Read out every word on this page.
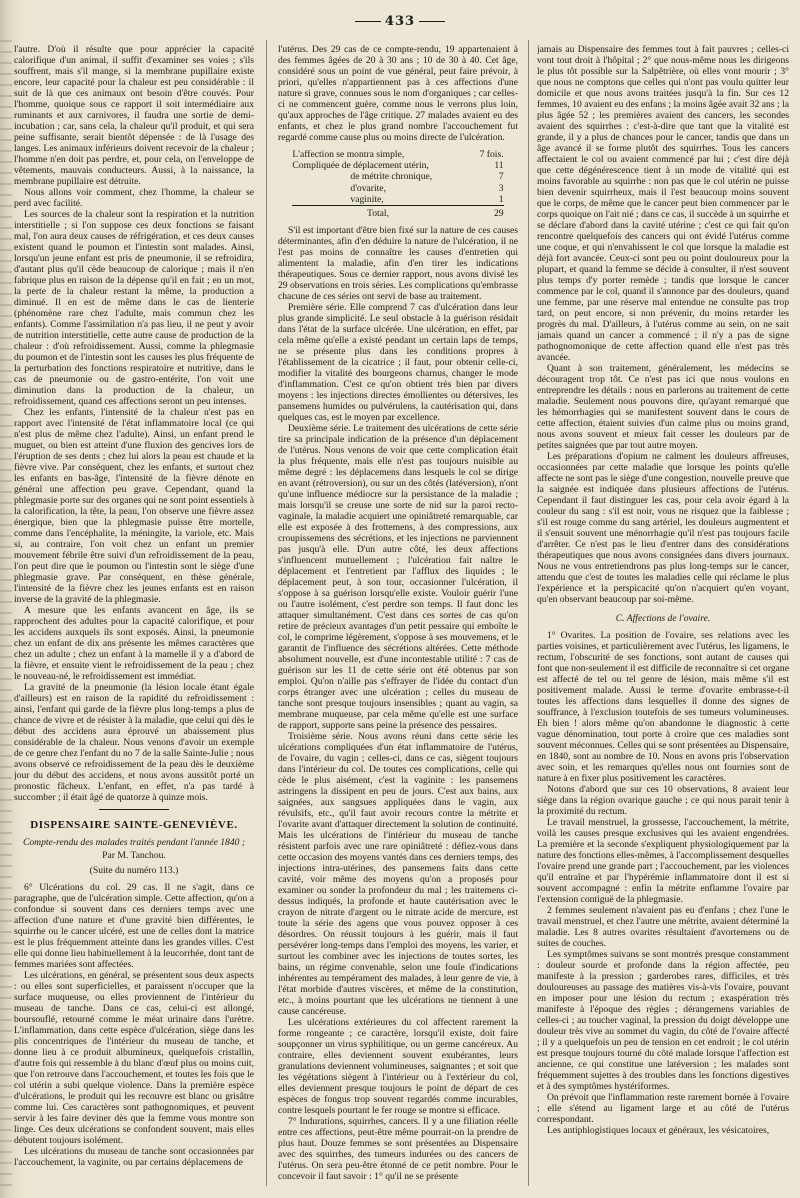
433

l'autre. D'où il résulte que pour apprécier la capacité calorifique d'un animal, il suffit d'examiner ses voies ; s'ils souffrent, mais s'il mange, si la membrane pupillaire existe encore, leur capacité pour la chaleur est peu considérable : il suit de là que ces animaux ont besoin d'être couvés. Pour l'homme, quoique sous ce rapport il soit intermédiaire aux ruminants et aux carnivores, il faudra une sortie de demi-incubation ; car, sans cela, la chaleur qu'il produit, et qui sera peine suffisante, serait bientôt dépensée : de là l'usage des langes. Les animaux inférieurs doivent recevoir de la chaleur ; l'homme n'en doit pas perdre, et, pour cela, on l'enveloppe de vêtements, mauvais conducteurs. Aussi, à la naissance, la membrane pupillaire est détruite.

Nous allons voir comment, chez l'homme, la chaleur se perd avec facilité.

Les sources de la chaleur sont la respiration et la nutrition interstitielle ; si l'on suppose ces deux fonctions se faisant mal, l'on aura deux causes de réfrigération, et ces deux causes existent quand le poumon et l'intestin sont malades. Ainsi, lorsqu'un jeune enfant est pris de pneumonie, il se refroidira, d'autant plus qu'il cède beaucoup de calorique ; mais il n'en fabrique plus en raison de la dépense qu'il en fait ; en un mot, la perte de la chaleur restant la même, la production a diminué. Il en est de même dans le cas de lienterie (phénomène rare chez l'adulte, mais commun chez les enfants). Comme l'assimilation n'a pas lieu, il ne peut y avoir de nutrition interstitielle, cette autre cause de production de la chaleur : d'où refroidissement. Aussi, comme la phlegmasie du poumon et de l'intestin sont les causes les plus fréquente de la perturbation des fonctions respiratoire et nutritive, dans le cas de pneumonie ou de gastro-entérite, l'on voit une diminution dans la production de la chaleur, un refroidissement, quand ces affections seront un peu intenses.

Chez les enfants, l'intensité de la chaleur n'est pas en rapport avec l'intensité de l'état inflammatoire local (ce qui n'est plus de même chez l'adulte). Ainsi, un enfant prend le muguet, ou bien est atteint d'une fluxion des gencives lors de l'éruption de ses dents ; chez lui alors la peau est chaude et la fièvre vive. Par conséquent, chez les enfants, et surtout chez les enfants en bas-âge, l'intensité de la fièvre dénote en général une affection peu grave. Cependant, quand la phlegmasie porte sur des organes qui ne sont point essentiels à la calorification, la tête, la peau, l'on observe une fièvre assez énergique, bien que la phlegmasie puisse être mortelle, comme dans l'encéphalite, la méningite, la variole, etc. Mais si, au contraire, l'on voit chez un enfant un premier mouvement fébrile être suivi d'un refroidissement de la peau, l'on peut dire que le poumon ou l'intestin sont le siège d'une phlegmasie grave. Par conséquent, en thèse générale, l'intensité de la fièvre chez les jeunes enfants est en raison inverse de la gravité de la phlegmasie.

A mesure que les enfants avancent en âge, ils se rapprochent des adultes pour la capacité calorifique, et pour les accidens auxquels ils sont exposés. Ainsi, la pneumonie chez un enfant de dix ans présente les mêmes caractères que chez un adulte ; chez un enfant à la mamelle il y a d'abord de la fièvre, et ensuite vient le refroidissement de la peau ; chez le nouveau-né, le refroidissement est immédiat.

La gravité de la pneumonie (la lésion locale étant égale d'ailleurs) est en raison de la rapidité du refroidissement : ainsi, l'enfant qui garde de la fièvre plus long-temps a plus de chance de vivre et de résister à la maladie, que celui qui dès le début des accidens aura éprouvé un abaissement plus considérable de la chaleur. Nous venons d'avoir un exemple de ce genre chez l'enfant du no 7 de la salle Sainte-Julie ; nous avons observé ce refroidissement de la peau dès le deuxième jour du début des accidens, et nous avons aussitôt porté un pronostic fâcheux. L'enfant, en effet, n'a pas tardé à succomber ; il était âgé de quatorze à quinze mois.

DISPENSAIRE SAINTE-GENEVIÈVE.
Compte-rendu des malades traités pendant l'année 1840 ;
Par M. Tanchou.
(Suite du numéro 113.)

6° Ulcérations du col. 29 cas. Il ne s'agit, dans ce paragraphe, que de l'ulcération simple. Cette affection, qu'on a confondue si souvent dans ces derniers temps avec une affection d'une nature et d'une gravité bien différentes, le squirrhe ou le cancer ulcéré, est une de celles dont la matrice est le plus fréquemment atteinte dans les grandes villes. C'est elle qui donne lieu habituellement à la leucorrhée, dont tant de femmes mariées sont affectées.

Les ulcérations, en général, se présentent sous deux aspects : ou elles sont superficielles, et paraissent n'occuper que la surface muqueuse, ou elles proviennent de l'intérieur du museau de tanche. Dans ce cas, celui-ci est allongé, boursouflé, retourné comme le méat urinaire dans l'urètre. L'inflammation, dans cette espèce d'ulcération, siège dans les plis concentriques de l'intérieur du museau de tanche, et donne lieu à ce produit albumineux, quelquefois cristallin, d'autre fois qui ressemble à du blanc d'œuf plus ou moins cuit, que l'on retrouve dans l'accouchement, et toutes les fois que le col utérin a subi quelque violence. Dans la première espèce d'ulcérations, le produit qui les recouvre est blanc ou grisâtre comme lui. Ces caractères sont pathognomiques, et peuvent servir à les faire deviner dès que la femme vous montre son linge. Ces deux ulcérations se confondent souvent, mais elles débutent toujours isolément.

Les ulcérations du museau de tanche sont occasionnées par l'accouchement, la vaginite, ou par certains déplacemens de

l'utérus. Des 29 cas de ce compte-rendu, 19 appartenaient à des femmes âgées de 20 à 30 ans ; 10 de 30 à 40. Cet âge, considéré sous un point de vue général, peut faire prévoir, à priori, qu'elles n'appartiennent pas à ces affections d'une nature si grave, connues sous le nom d'organiques ; car celles-ci ne commencent guère, comme nous le verrons plus loin, qu'aux approches de l'âge critique. 27 malades avaient eu des enfants, et chez le plus grand nombre l'accouchement fut regardé comme cause plus ou moins directe de l'ulcération.

L'affection se montra simple,	7 fois.
Compliquée de déplacement utérin,	11
de métrite chronique,	7
d'ovarite,	3
vaginite,	1
Total,	29

S'il est important d'être bien fixé sur la nature de ces causes déterminantes, afin d'en déduire la nature de l'ulcération, il ne l'est pas moins de connaître les causes d'entretien qui alimentent la maladie, afin d'en tirer les indications thérapeutiques. Sous ce dernier rapport, nous avons divisé les 29 observations en trois séries. Les complications qu'embrasse chacune de ces séries ont servi de base au traitement.

Première série. Elle comprend 7 cas d'ulcération dans leur plus grande simplicité. Le seul obstacle à la guérison résidait dans l'état de la surface ulcérée. Une ulcération, en effet, par cela même qu'elle a existé pendant un certain laps de temps, ne se présente plus dans les conditions propres à l'établissement de la cicatrice ; il faut, pour obtenir celle-ci, modifier la vitalité des bourgeons charnus, changer le mode d'inflammation. C'est ce qu'on obtient très bien par divers moyens : les injections directes émollientes ou détersives, les pansemens humides ou pulvérulens, la cautérisation qui, dans quelques cas, est le moyen par excellence.

Deuxième série. Le traitement des ulcérations de cette série tire sa principale indication de la présence d'un déplacement de l'utérus. Nous venons de voir que cette complication était la plus fréquente, mais elle n'est pas toujours nuisible au même degré : les déplacemens dans lesquels le col se dirige en avant (rétroversion), ou sur un des côtés (latéversion), n'ont qu'une influence médiocre sur la persistance de la maladie ; mais lorsqu'il se creuse une sorte de nid sur la paroi recto-vaginale, la maladie acquiert une opiniâtreté remarquable, car elle est exposée à des frottemens, à des compressions, aux croupissemens des sécrétions, et les injections ne parviennent pas jusqu'à elle. D'un autre côté, les deux affections s'influencent mutuellement ; l'ulcération fait naître le déplacement et l'entretient par l'afflux des liquides ; le déplacement peut, à son tour, occasionner l'ulcération, il s'oppose à sa guérison lorsqu'elle existe. Vouloir guérir l'une ou l'autre isolément, c'est perdre son temps. Il faut donc les attaquer simultanément. C'est dans ces sortes de cas qu'on retire de précieux avantages d'un petit pessaire qui emboîte le col, le comprime légèrement, s'oppose à ses mouvemens, et le garantit de l'influence des sécrétions altérées. Cette méthode absolument nouvelle, est d'une incontestable utilité : 7 cas de guérison sur les 11 de cette série ont été obtenus par son emploi. Qu'on n'aille pas s'effrayer de l'idée du contact d'un corps étranger avec une ulcération ; celles du museau de tanche sont presque toujours insensibles ; quant au vagin, sa membrane muqueuse, par cela même qu'elle est une surface de rapport, supporte sans peine la présence des pessaires.

Troisième série. Nous avons réuni dans cette série les ulcérations compliquées d'un état inflammatoire de l'utérus, de l'ovaire, du vagin ; celles-ci, dans ce cas, siègent toujours dans l'intérieur du col. De toutes ces complications, celle qui cède le plus aisément, c'est la vaginite : les pansemens astringens la dissipent en peu de jours. C'est aux bains, aux saignées, aux sangsues appliquées dans le vagin, aux révulsifs, etc., qu'il faut avoir recours contre la métrite et l'ovarite avant d'attaquer directement la solution de continuité. Mais les ulcérations de l'intérieur du museau de tanche résistent parfois avec une rare opiniâtreté : défiez-vous dans cette occasion des moyens vantés dans ces derniers temps, des injections intra-utérines, des pansemens faits dans cette cavité, voir même des moyens qu'on a proposés pour examiner ou sonder la profondeur du mal ; les traitemens ci-dessus indiqués, la profonde et haute cautérisation avec le crayon de nitrate d'argent ou le nitrate acide de mercure, est toute la série des agens que vous pouvez opposer à ces désordres. On réussit toujours à les guérir, mais il faut persévérer long-temps dans l'emploi des moyens, les varier, et surtout les combiner avec les injections de toutes sortes, les bains, un régime convenable, selon une foule d'indications inhérentes au tempérament des malades, à leur genre de vie, à l'état morbide d'autres viscères, et même de la constitution, etc., à moins pourtant que les ulcérations ne tiennent à une cause cancéreuse.

Les ulcérations extérieures du col affectent rarement la forme rongeante ; ce caractère, lorsqu'il existe, doit faire soupçonner un virus syphilitique, ou un germe cancéreux. Au contraire, elles deviennent souvent exubérantes, leurs granulations deviennent volumineuses, saignantes ; et soit que les végétations siègent à l'intérieur ou à l'extérieur du col, elles deviennent presque toujours le point de départ de ces espèces de fongus trop souvent regardés comme incurables, contre lesquels pourtant le fer rouge se montre si efficace.

7° Indurations, squirrhes, cancers. Il y a une filiation réelle entre ces affections, peut-être même pourrait-on la prendre de plus haut. Douze femmes se sont présentées au Dispensaire avec des squirrhes, des tumeurs indurées ou des cancers de l'utérus. On sera peu-être étonné de ce petit nombre. Pour le concevoir il faut savoir : 1° qu'il ne se présente

jamais au Dispensaire des femmes tout à fait pauvres ; celles-ci vont tout droit à l'hôpital ; 2° que nous-même nous les dirigeons le plus tôt possible sur la Salpêtrière, où elles vont mourir ; 3° que nous ne comptons que celles qui n'ont pas voulu quitter leur domicile et que nous avons traitées jusqu'à la fin. Sur ces 12 femmes, 10 avaient eu des enfans ; la moins âgée avait 32 ans ; la plus âgée 52 ; les premières avaient des cancers, les secondes avaient des squirrhes : c'est-à-dire que tant que la vitalité est grande, il y a plus de chances pour le cancer, tandis que dans un âge avancé il se forme plutôt des squirrhes. Tous les cancers affectaient le col ou avaient commencé par lui ; c'est dire déjà que cette dégénérescence tient à un mode de vitalité qui est moins favorable au squirrhe : non pas que le col utérin ne puisse bien devenir squirrheux, mais il l'est beaucoup moins souvent que le corps, de même que le cancer peut bien commencer par le corps quoique on l'ait nié ; dans ce cas, il succède à un squirrhe et se déclare d'abord dans la cavité utérine ; c'est ce qui fait qu'on rencontre quelquefois des cancers qui ont évidé l'utérus comme une coque, et qui n'envahissent le col que lorsque la maladie est déjà fort avancée. Ceux-ci sont peu ou point douloureux pour la plupart, et quand la femme se décide à consulter, il n'est souvent plus temps d'y porter remède ; tandis que lorsque le cancer commence par le col, quand il s'annonce par des douleurs, quand une femme, par une réserve mal entendue ne consulte pas trop tard, on peut encore, si non prévenir, du moins retarder les progrès du mal. D'ailleurs, à l'utérus comme au sein, on ne sait jamais quand un cancer a commencé ; il n'y a pas de signe pathognomonique de cette affection quand elle n'est pas très avancée.

Quant à son traitement, généralement, les médecins se découragent trop tôt. Ce n'est pas ici que nous voulons en entreprendre les détails : nous en parlerons au traitement de cette maladie. Seulement nous pouvons dire, qu'ayant remarqué que les hémorrhagies qui se manifestent souvent dans le cours de cette affection, étaient suivies d'un calme plus ou moins grand, nous avons souvent et mieux fait cesser les douleurs par de petites saignées que par tout autre moyen.

Les préparations d'opium ne calment les douleurs affreuses, occasionnées par cette maladie que lorsque les points qu'elle affecte ne sont pas le siège d'une congestion, nouvelle preuve que la saignée est indiquée dans plusieurs affections de l'utérus. Cependant il faut distinguer les cas, pour cela avoir égard à la couleur du sang : s'il est noir, vous ne risquez que la faiblesse ; s'il est rouge comme du sang artériel, les douleurs augmentent et il s'ensuit souvent une ménorrhagie qu'il n'est pas toujours facile d'arrêter. Ce n'est pas le lieu d'entrer dans des considérations thérapeutiques que nous avons consignées dans divers journaux. Nous ne vous entretiendrons pas plus long-temps sur le cancer, attendu que c'est de toutes les maladies celle qui réclame le plus l'expérience et la perspicacité qu'on n'acquiert qu'en voyant, qu'en observant beaucoup par soi-même.

C. Affections de l'ovaire.

1° Ovarites. La position de l'ovaire, ses relations avec les parties voisines, et particulièrement avec l'utérus, les ligamens, le rectum, l'obscurité de ses fonctions, sont autant de causes qui font que non-seulement il est difficile de reconnaître si cet organe est affecté de tel ou tel genre de lésion, mais même s'il est positivement malade. Aussi le terme d'ovarite embrasse-t-il toutes les affections dans lesquelles il donne des signes de souffrance, à l'exclusion toutefois de ses tumeurs volumineuses. Eh bien ! alors même qu'on abandonne le diagnostic à cette vague dénomination, tout porte à croire que ces maladies sont souvent méconnues. Celles qui se sont présentées au Dispensaire, en 1840, sont au nombre de 10. Nous en avons pris l'observation avec soin, et les remarques qu'elles nous ont fournies sont de nature à en fixer plus positivement les caractères.

Notons d'abord que sur ces 10 observations, 8 avaient leur siège dans la région ovarique gauche ; ce qui nous parait tenir à la proximité du rectum.

Le travail menstruel, la grossesse, l'accouchement, la métrite, voilà les causes presque exclusives qui les avaient engendrées. La première et la seconde s'expliquent physiologiquement par la nature des fonctions elles-mêmes, à l'accomplissement desquelles l'ovaire prend une grande part ; l'accouchement, par les violences qu'il entraîne et par l'hypérémie inflammatoire dont il est si souvent accompagné : enfin la métrite enflamme l'ovaire par l'extension contiguë de la phlegmasie.

2 femmes seulement n'avaient pas eu d'enfans ; chez l'une le travail menstruel, et chez l'autre une métrite, avaient déterminé la maladie. Les 8 autres ovarites résultaient d'avortemens ou de suites de couches.

Les symptômes suivans se sont montrés presque constamment : douleur sourde et profonde dans la région affectée, peu manifeste à la pression ; garderobes rares, difficiles, et très douloureuses au passage des matières vis-à-vis l'ovaire, pouvant en imposer pour une lésion du rectum ; exaspération très manifeste à l'époque des règles ; dérangemens variables de celles-ci ; au toucher vaginal, la pression du doigt développe une douleur très vive au sommet du vagin, du côté de l'ovaire affecté ; il y a quelquefois un peu de tension en cet endroit ; le col utérin est presque toujours tourné du côté malade lorsque l'affection est ancienne, ce qui constitue une latéversion ; les malades sont fréquemment sujettes à des troubles dans les fonctions digestives et à des symptômes hystériformes.

On prévoit que l'inflammation reste rarement bornée à l'ovaire ; elle s'étend au ligament large et au côté de l'utérus correspondant.

Les antiphlogistiques locaux et généraux, les vésicatoires,
